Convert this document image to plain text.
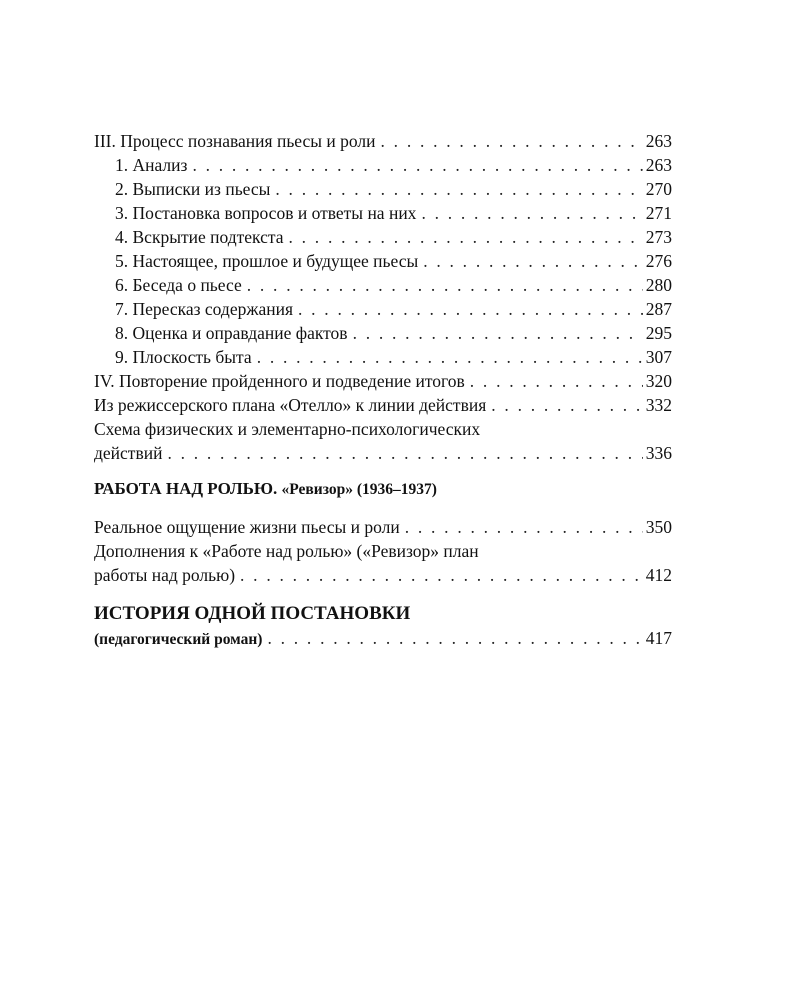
III. Процесс познавания пьесы и роли . . .	263
1. Анализ . . .	263
2. Выписки из пьесы . . .	270
3. Постановка вопросов и ответы на них . . .	271
4. Вскрытие подтекста . . .	273
5. Настоящее, прошлое и будущее пьесы . . .	276
6. Беседа о пьесе . . .	280
7. Пересказ содержания . . .	287
8. Оценка и оправдание фактов . . .	295
9. Плоскость быта . . .	307
IV. Повторение пройденного и подведение итогов . . .	320
Из режиссерского плана «Отелло» к линии действия . . .	332
Схема физических и элементарно-психологических
действий . . .	336
РАБОТА НАД РОЛЬЮ. «Ревизор» (1936–1937)
Реальное ощущение жизни пьесы и роли . . .	350
Дополнения к «Работе над ролью» («Ревизор» план
работы над ролью) . . .	412
ИСТОРИЯ ОДНОЙ ПОСТАНОВКИ
(педагогический роман) . . .	417
